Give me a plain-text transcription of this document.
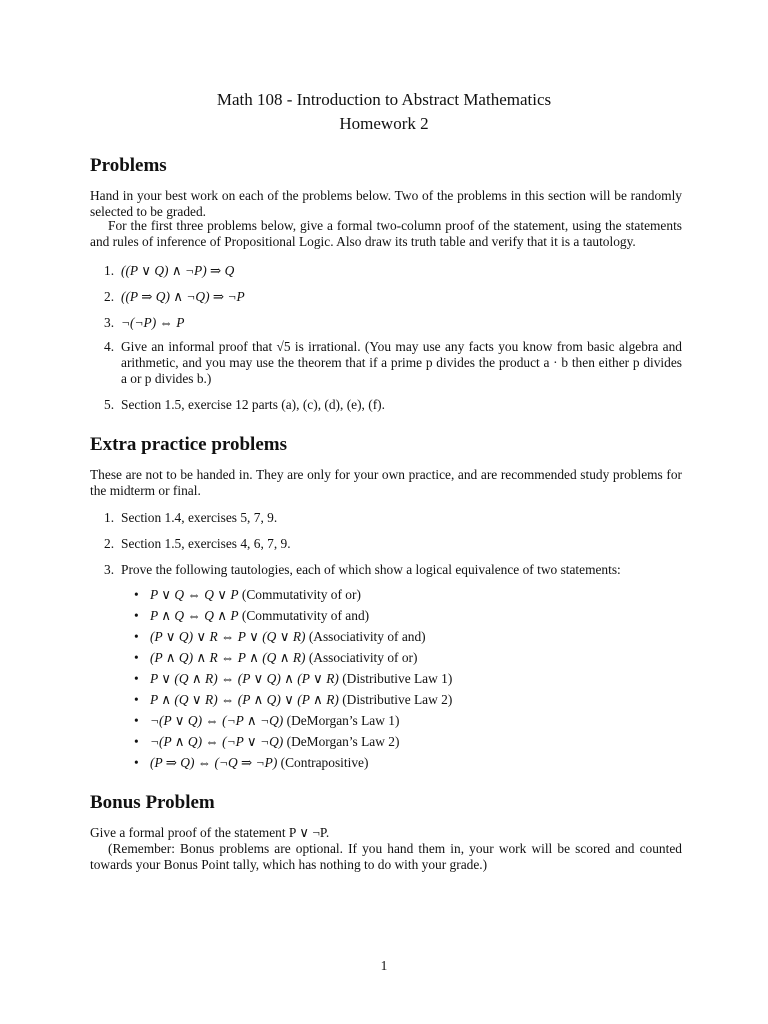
Math 108 - Introduction to Abstract Mathematics
Homework 2
Problems
Hand in your best work on each of the problems below. Two of the problems in this section will be randomly selected to be graded.
For the first three problems below, give a formal two-column proof of the statement, using the statements and rules of inference of Propositional Logic. Also draw its truth table and verify that it is a tautology.
1. ((P ∨ Q) ∧ ¬P) ⇒ Q
2. ((P ⇒ Q) ∧ ¬Q) ⇒ ¬P
3. ¬(¬P) ⇔ P
4. Give an informal proof that √5 is irrational. (You may use any facts you know from basic algebra and arithmetic, and you may use the theorem that if a prime p divides the product a · b then either p divides a or p divides b.)
5. Section 1.5, exercise 12 parts (a), (c), (d), (e), (f).
Extra practice problems
These are not to be handed in. They are only for your own practice, and are recommended study problems for the midterm or final.
1. Section 1.4, exercises 5, 7, 9.
2. Section 1.5, exercises 4, 6, 7, 9.
3. Prove the following tautologies, each of which show a logical equivalence of two statements:
• P ∨ Q ⇔ Q ∨ P (Commutativity of or)
• P ∧ Q ⇔ Q ∧ P (Commutativity of and)
• (P ∨ Q) ∨ R ⇔ P ∨ (Q ∨ R) (Associativity of and)
• (P ∧ Q) ∧ R ⇔ P ∧ (Q ∧ R) (Associativity of or)
• P ∨ (Q ∧ R) ⇔ (P ∨ Q) ∧ (P ∨ R) (Distributive Law 1)
• P ∧ (Q ∨ R) ⇔ (P ∧ Q) ∨ (P ∧ R) (Distributive Law 2)
• ¬(P ∨ Q) ⇔ (¬P ∧ ¬Q) (DeMorgan’s Law 1)
• ¬(P ∧ Q) ⇔ (¬P ∨ ¬Q) (DeMorgan’s Law 2)
• (P ⇒ Q) ⇔ (¬Q ⇒ ¬P) (Contrapositive)
Bonus Problem
Give a formal proof of the statement P ∨ ¬P.
(Remember: Bonus problems are optional. If you hand them in, your work will be scored and counted towards your Bonus Point tally, which has nothing to do with your grade.)
1
